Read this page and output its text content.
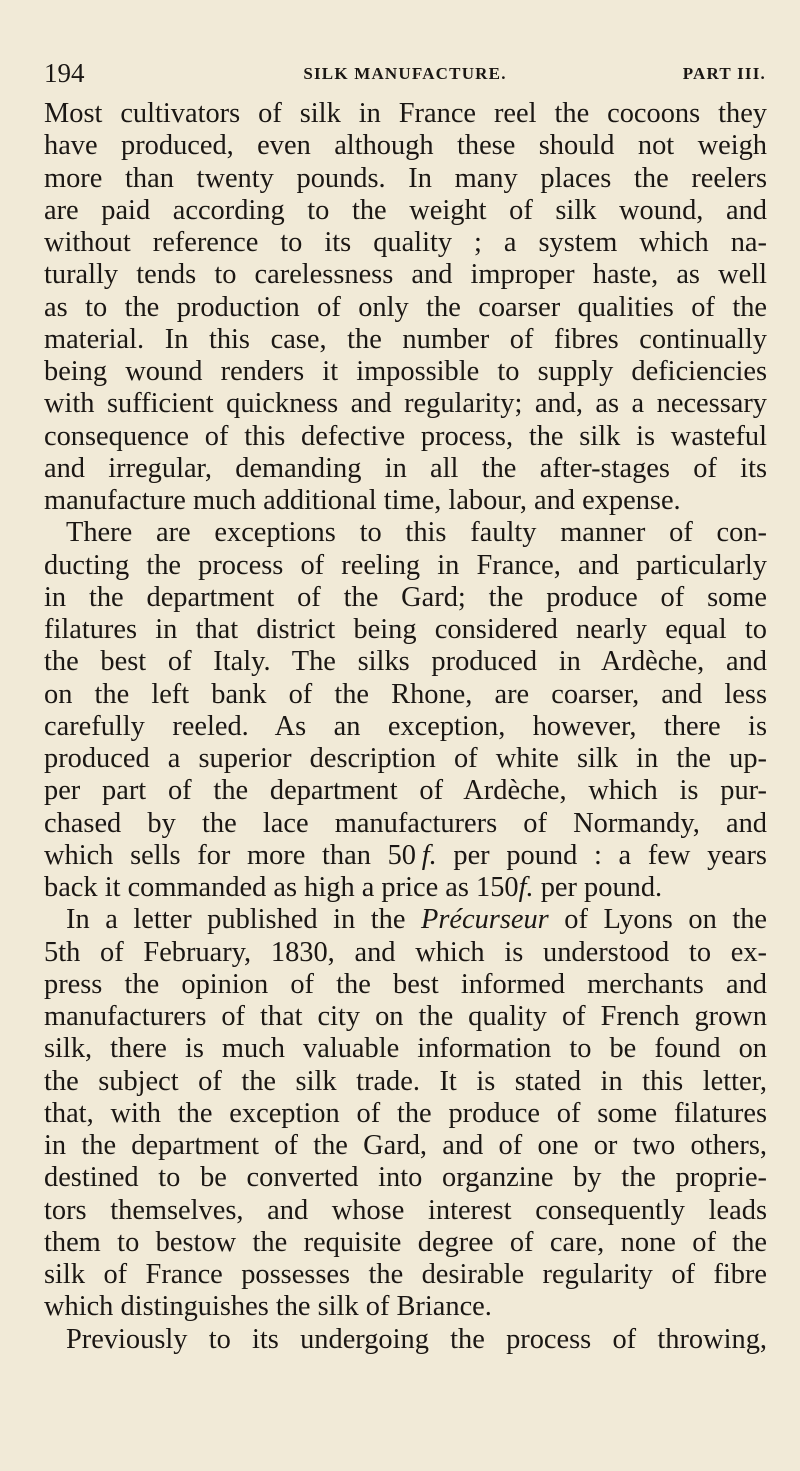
194	SILK MANUFACTURE.	PART III.
Most cultivators of silk in France reel the cocoons they
have produced, even although these should not weigh
more than twenty pounds. In many places the reelers
are paid according to the weight of silk wound, and
without reference to its quality ; a system which na-
turally tends to carelessness and improper haste, as well
as to the production of only the coarser qualities of the
material. In this case, the number of fibres continually
being wound renders it impossible to supply deficiencies
with sufficient quickness and regularity; and, as a necessary
consequence of this defective process, the silk is wasteful
and irregular, demanding in all the after-stages of its
manufacture much additional time, labour, and expense.
There are exceptions to this faulty manner of con-
ducting the process of reeling in France, and particularly
in the department of the Gard; the produce of some
filatures in that district being considered nearly equal to
the best of Italy. The silks produced in Ardèche, and
on the left bank of the Rhone, are coarser, and less
carefully reeled. As an exception, however, there is
produced a superior description of white silk in the up-
per part of the department of Ardèche, which is pur-
chased by the lace manufacturers of Normandy, and
which sells for more than 50  f. per pound : a few years
back it commanded as high a price as 150f. per pound.
In a letter published in the Précurseur of Lyons on the
5th of February, 1830, and which is understood to ex-
press the opinion of the best informed merchants and
manufacturers of that city on the quality of French grown
silk, there is much valuable information to be found on
the subject of the silk trade. It is stated in this letter,
that, with the exception of the produce of some filatures
in the department of the Gard, and of one or two others,
destined to be converted into organzine by the proprie-
tors themselves, and whose interest consequently leads
them to bestow the requisite degree of care, none of the
silk of France possesses the desirable regularity of fibre
which distinguishes the silk of Briance.
Previously to its undergoing the process of throwing,
